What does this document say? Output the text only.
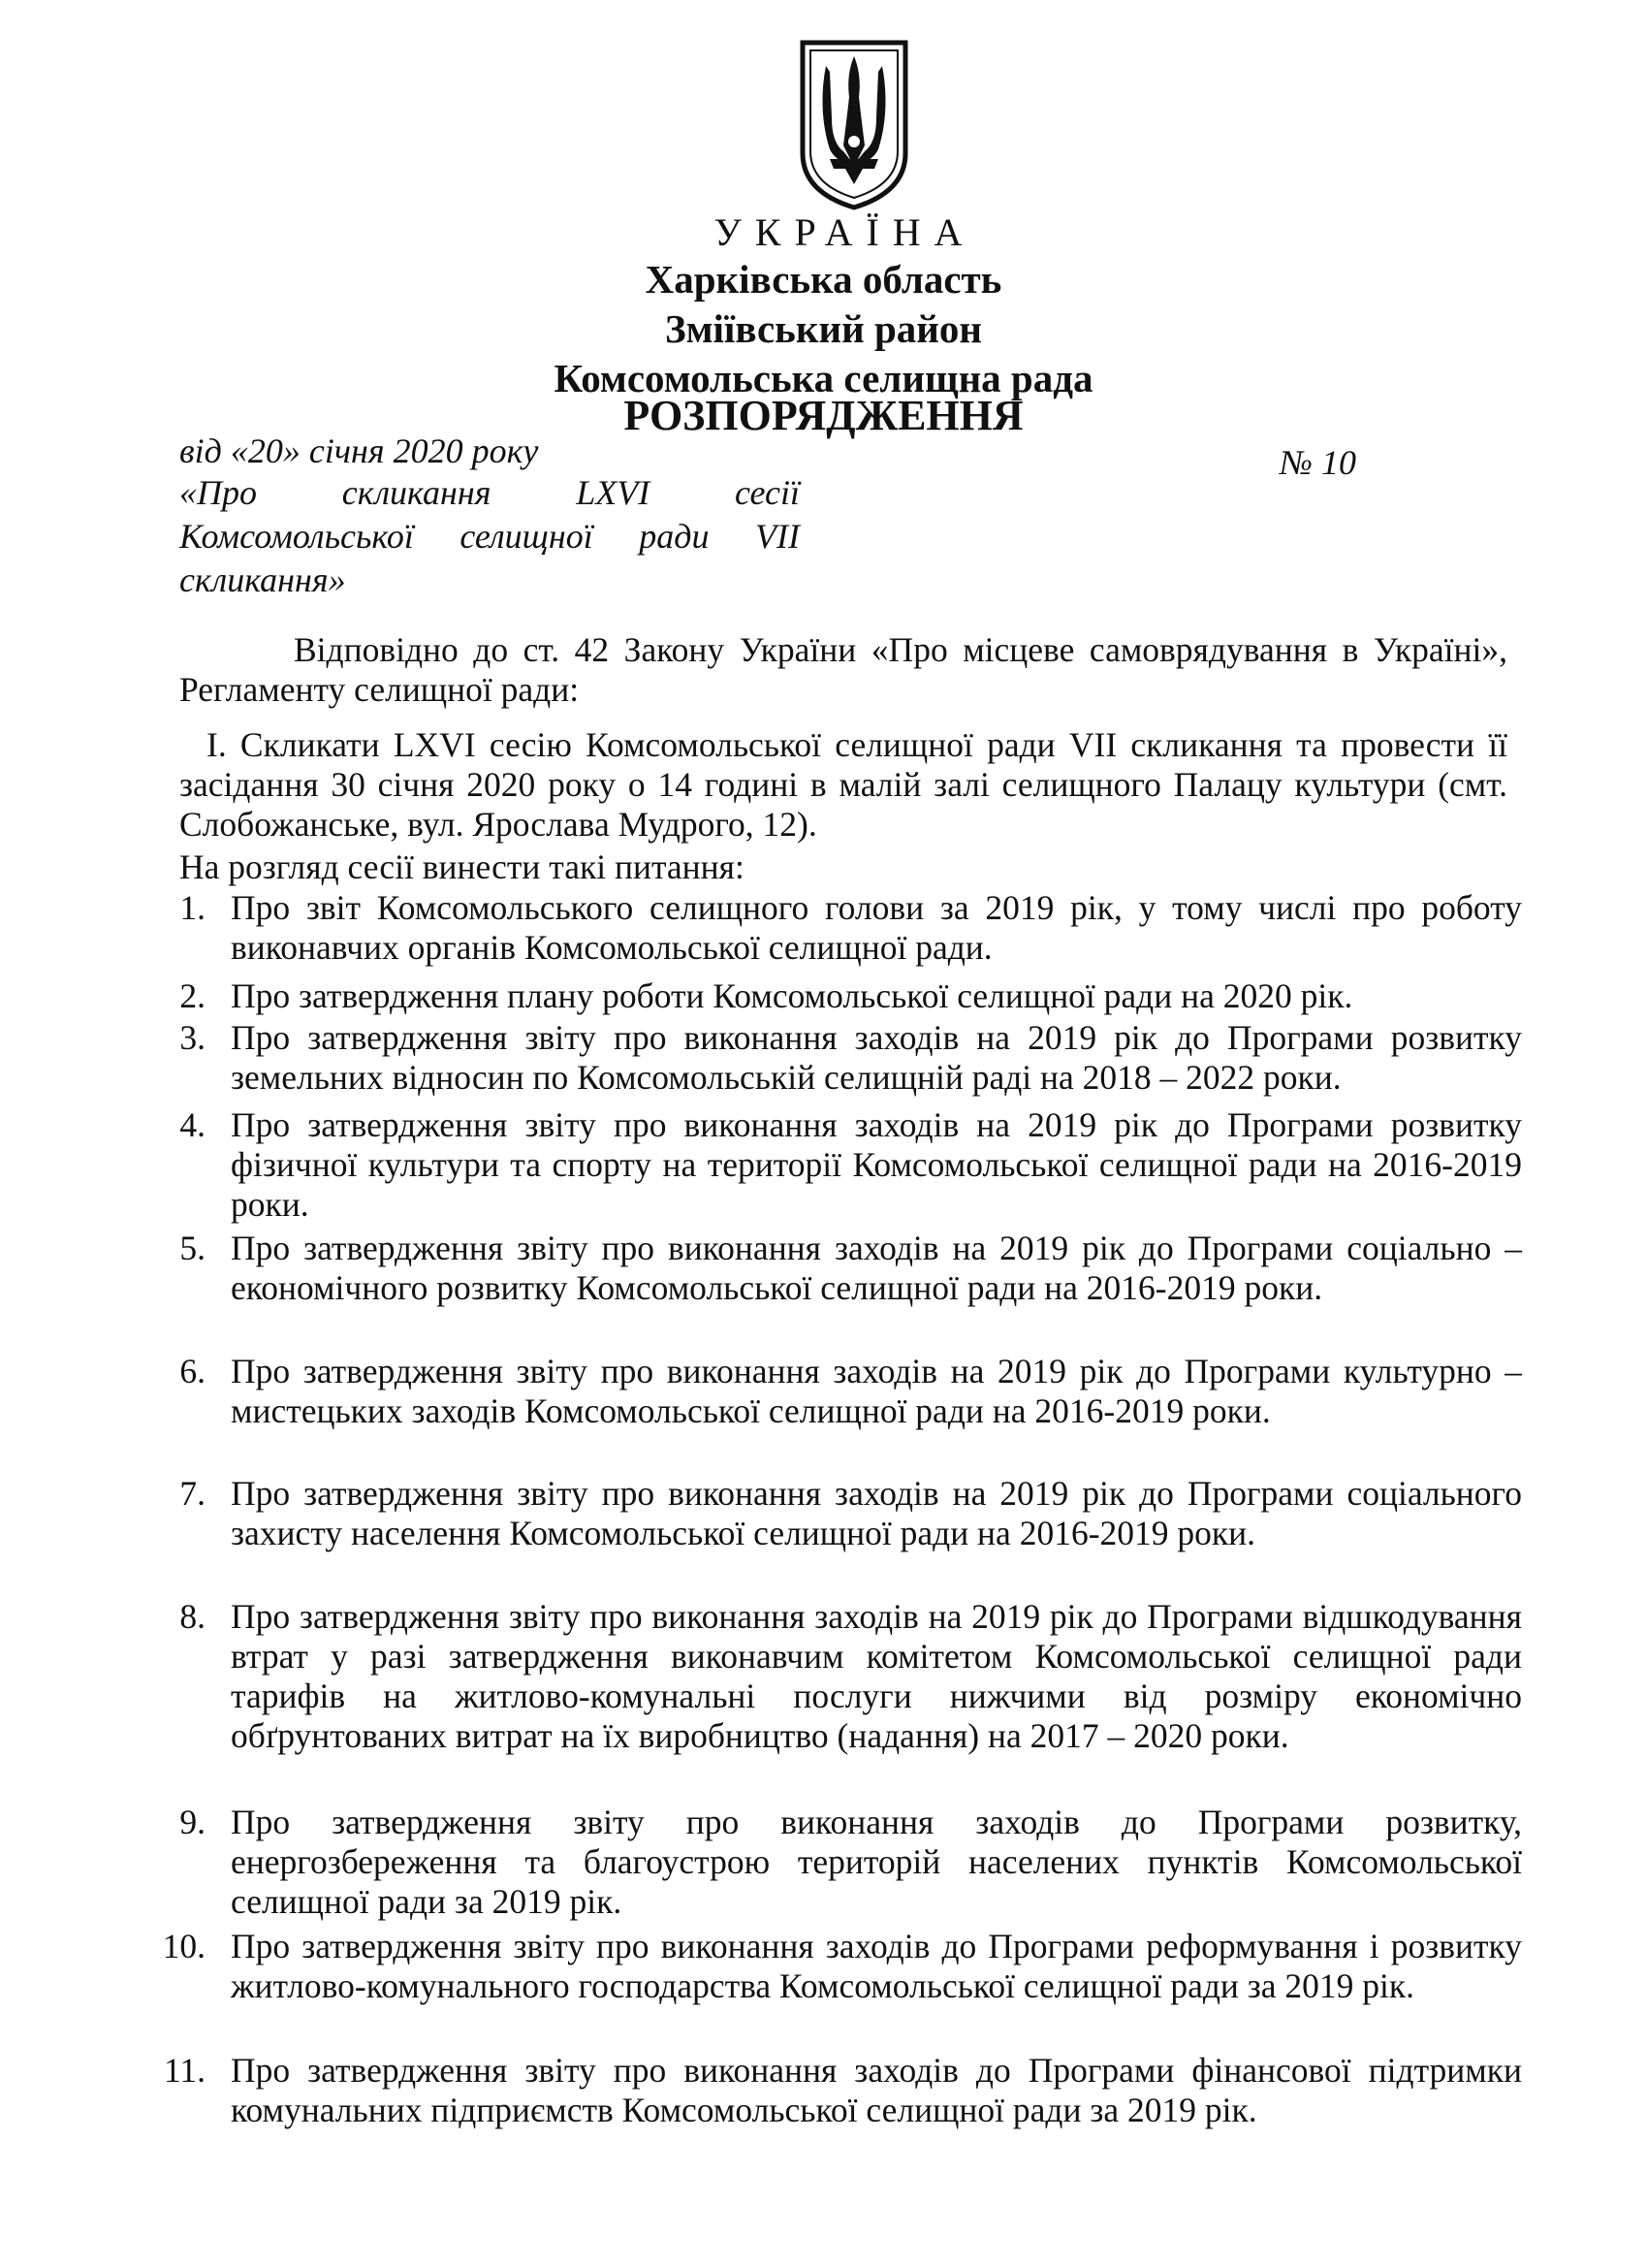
УКРАЇНА

Харківська область

Зміївський район

Комсомольська селищна рада

РОЗПОРЯДЖЕННЯ

від «20» січня 2020 року	№ 10

«Про скликання LXVI сесії Комсомольської селищної ради VII скликання»

Відповідно до ст. 42 Закону України «Про місцеве самоврядування в Україні», Регламенту селищної ради:

І. Скликати LXVI сесію Комсомольської селищної ради VII скликання та провести її засідання 30 січня 2020 року о 14 годині в малій залі селищного Палацу культури (смт. Слобожанське, вул. Ярослава Мудрого, 12).

На розгляд сесії винести такі питання:

1. Про звіт Комсомольського селищного голови за 2019 рік, у тому числі про роботу виконавчих органів Комсомольської селищної ради.
2. Про затвердження плану роботи Комсомольської селищної ради на 2020 рік.
3. Про затвердження звіту про виконання заходів на 2019 рік до Програми розвитку земельних відносин по Комсомольській селищній раді на 2018 – 2022 роки.
4. Про затвердження звіту про виконання заходів на 2019 рік до Програми розвитку фізичної культури та спорту на території Комсомольської селищної ради на 2016-2019 роки.
5. Про затвердження звіту про виконання заходів на 2019 рік до Програми соціально – економічного розвитку Комсомольської селищної ради на 2016-2019 роки.
6. Про затвердження звіту про виконання заходів на 2019 рік до Програми культурно – мистецьких заходів Комсомольської селищної ради на 2016-2019 роки.
7. Про затвердження звіту про виконання заходів на 2019 рік до Програми соціального захисту населення Комсомольської селищної ради на 2016-2019 роки.
8. Про затвердження звіту про виконання заходів на 2019 рік до Програми відшкодування втрат у разі затвердження виконавчим комітетом Комсомольської селищної ради тарифів на житлово-комунальні послуги нижчими від розміру економічно обґрунтованих витрат на їх виробництво (надання) на 2017 – 2020 роки.
9. Про затвердження звіту про виконання заходів до Програми розвитку, енергозбереження та благоустрою територій населених пунктів Комсомольської селищної ради за 2019 рік.
10. Про затвердження звіту про виконання заходів до Програми реформування і розвитку житлово-комунального господарства Комсомольської селищної ради за 2019 рік.
11. Про затвердження звіту про виконання заходів до Програми фінансової підтримки комунальних підприємств Комсомольської селищної ради за 2019 рік.
